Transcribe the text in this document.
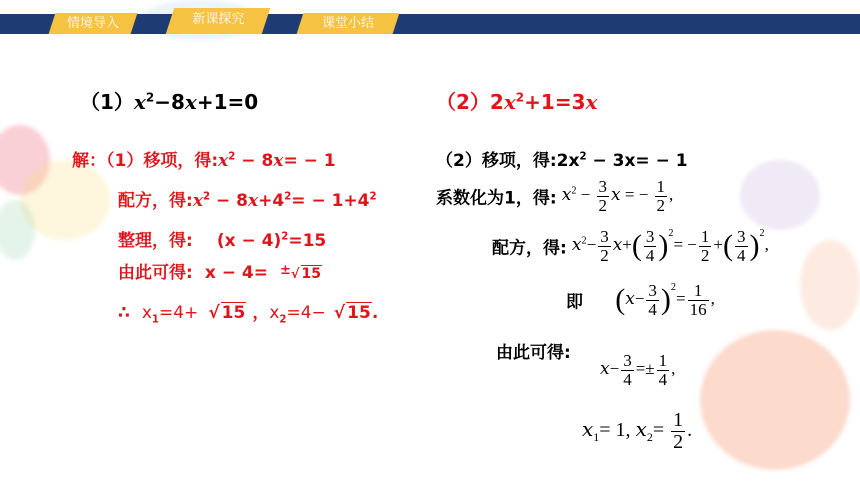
情境导入	新课探究	课堂小结
$(1)x^2-8x+1=0$
解：（1）移项，得$:x^2 - 8x= - 1$
配方，得$:x^2 - 8x+4^2= - 1+4^2$
整理，得: $(x - 4)^2=15$
由此可得: x − 4= ±√ 15
∴ $x_1=4+$ √ 15 ，$x_2=4-$ √ 15.
$(2)2x^2+1=3x$
（2）移项，得$:2x^2 - 3x= - 1$
系数化为1，得: $x^2 - \frac{3}{2}$ x = − $\frac{1}{2}$ ,
配方，得: $x^2- \frac{3}{2} x+( \frac{3}{4} )^2= - \frac{1}{2}$ +( $\frac{3}{4} )^2$,
即 $(x- \frac{3}{4} )^2= \frac{1}{16}$ ,
由此可得:
$x- \frac{3}{4} =\pm \frac{1}{4}$ ,
$x_1= 1$, $x_2= \frac{1}{2}$ .
